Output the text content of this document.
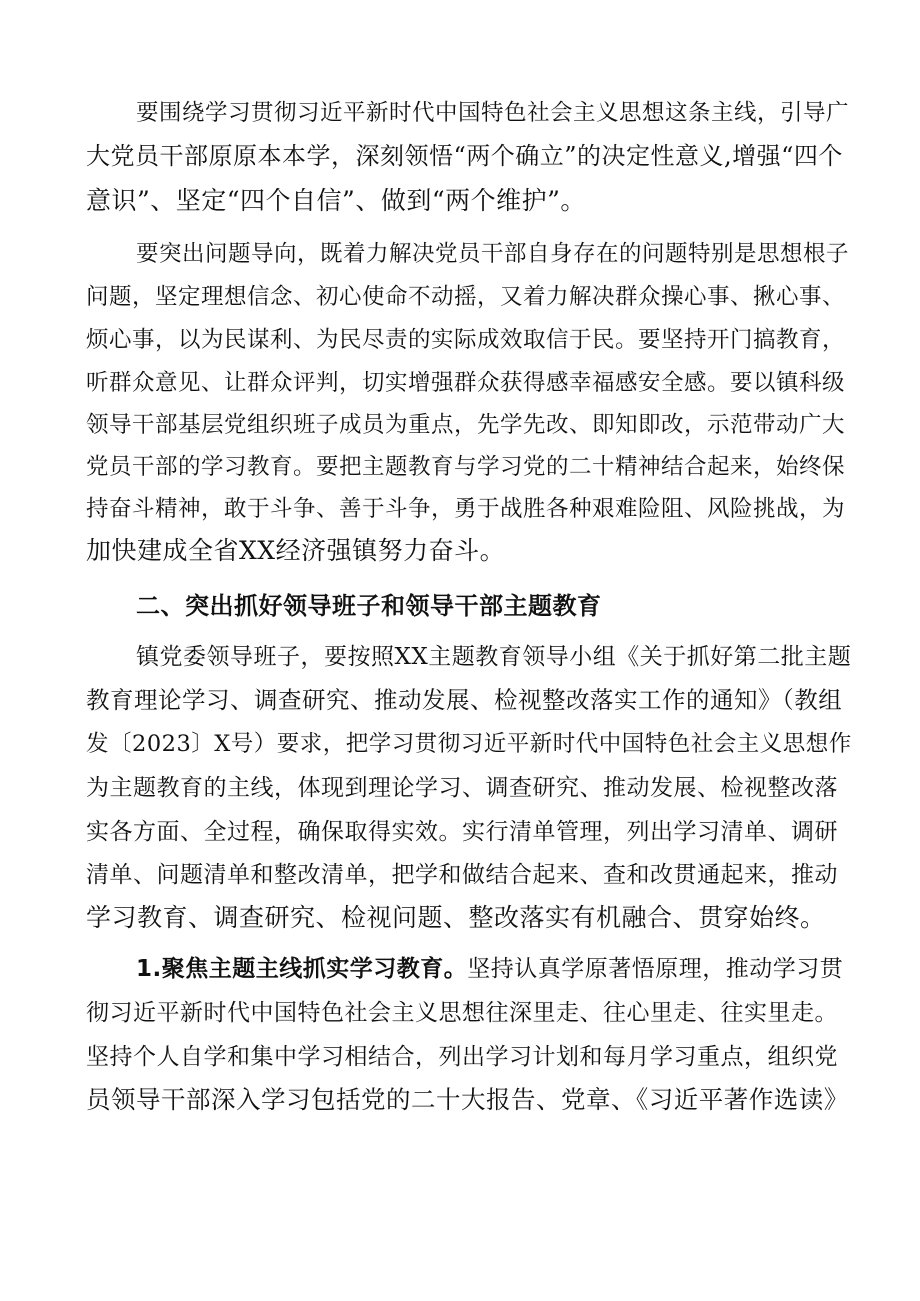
要围绕学习贯彻习近平新时代中国特色社会主义思想这条主线，引导广
大党员干部原原本本学，深刻领悟“两个确立”的决定性意义,增强“四个
意识”、坚定“四个自信”、做到“两个维护”。
要突出问题导向，既着力解决党员干部自身存在的问题特别是思想根子
问题，坚定理想信念、初心使命不动摇，又着力解决群众操心事、揪心事、
烦心事，以为民谋利、为民尽责的实际成效取信于民。要坚持开门搞教育，
听群众意见、让群众评判，切实增强群众获得感幸福感安全感。要以镇科级
领导干部基层党组织班子成员为重点，先学先改、即知即改，示范带动广大
党员干部的学习教育。要把主题教育与学习党的二十精神结合起来，始终保
持奋斗精神，敢于斗争、善于斗争，勇于战胜各种艰难险阻、风险挑战，为
加快建成全省XX经济强镇努力奋斗。
二、突出抓好领导班子和领导干部主题教育
镇党委领导班子，要按照XX主题教育领导小组《关于抓好第二批主题
教育理论学习、调查研究、推动发展、检视整改落实工作的通知》（教组
发〔2023〕X号）要求，把学习贯彻习近平新时代中国特色社会主义思想作
为主题教育的主线，体现到理论学习、调查研究、推动发展、检视整改落
实各方面、全过程，确保取得实效。实行清单管理，列出学习清单、调研
清单、问题清单和整改清单，把学和做结合起来、查和改贯通起来，推动
学习教育、调查研究、检视问题、整改落实有机融合、贯穿始终。
1.聚焦主题主线抓实学习教育。坚持认真学原著悟原理，推动学习贯
彻习近平新时代中国特色社会主义思想往深里走、往心里走、往实里走。
坚持个人自学和集中学习相结合，列出学习计划和每月学习重点，组织党
员领导干部深入学习包括党的二十大报告、党章、《习近平著作选读》
